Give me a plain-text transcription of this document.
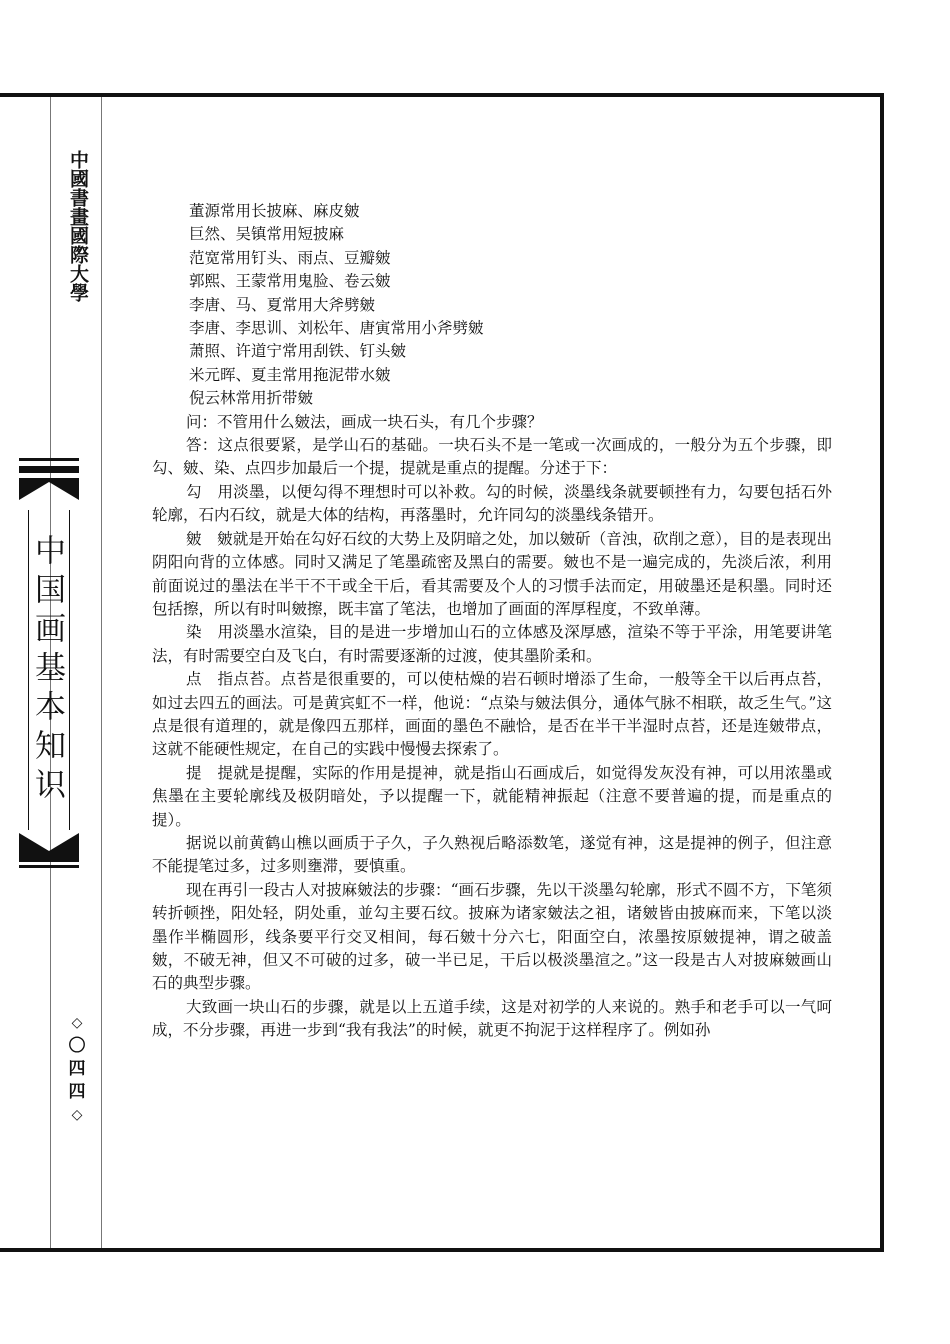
中國書畫國際大學
中国画基本知识
◇
〇
四
四
◇

董源常用长披麻、麻皮皴

巨然、吴镇常用短披麻

范宽常用钉头、雨点、豆瓣皴

郭熙、王蒙常用鬼脸、卷云皴

李唐、马、夏常用大斧劈皴

李唐、李思训、刘松年、唐寅常用小斧劈皴

萧照、许道宁常用刮铁、钉头皴

米元晖、夏圭常用拖泥带水皴

倪云林常用折带皴

问：不管用什么皴法，画成一块石头，有几个步骤？

答：这点很要紧，是学山石的基础。一块石头不是一笔或一次画成的，一般分为五个步骤，即勾、皴、染、点四步加最后一个提，提就是重点的提醒。分述于下：

勾　用淡墨，以便勾得不理想时可以补救。勾的时候，淡墨线条就要顿挫有力，勾要包括石外轮廓，石内石纹，就是大体的结构，再落墨时，允许同勾的淡墨线条错开。

皴　皴就是开始在勾好石纹的大势上及阴暗之处，加以皴斫（音浊，砍削之意），目的是表现出阴阳向背的立体感。同时又满足了笔墨疏密及黑白的需要。皴也不是一遍完成的，先淡后浓，利用前面说过的墨法在半干不干或全干后，看其需要及个人的习惯手法而定，用破墨还是积墨。同时还包括擦，所以有时叫皴擦，既丰富了笔法，也增加了画面的浑厚程度，不致单薄。

染　用淡墨水渲染，目的是进一步增加山石的立体感及深厚感，渲染不等于平涂，用笔要讲笔法，有时需要空白及飞白，有时需要逐渐的过渡，使其墨阶柔和。

点　指点苔。点苔是很重要的，可以使枯燥的岩石顿时增添了生命，一般等全干以后再点苔，如过去四五的画法。可是黄宾虹不一样，他说：“点染与皴法俱分，通体气脉不相联，故乏生气。”这点是很有道理的，就是像四五那样，画面的墨色不融恰，是否在半干半湿时点苔，还是连皴带点，这就不能硬性规定，在自己的实践中慢慢去探索了。

提　提就是提醒，实际的作用是提神，就是指山石画成后，如觉得发灰没有神，可以用浓墨或焦墨在主要轮廓线及极阴暗处，予以提醒一下，就能精神振起（注意不要普遍的提，而是重点的提）。

据说以前黄鹤山樵以画质于子久，子久熟视后略添数笔，遂觉有神，这是提神的例子，但注意不能提笔过多，过多则壅滞，要慎重。

现在再引一段古人对披麻皴法的步骤：“画石步骤，先以干淡墨勾轮廓，形式不圆不方，下笔须转折顿挫，阳处轻，阴处重，並勾主要石纹。披麻为诸家皴法之祖，诸皴皆由披麻而来，下笔以淡墨作半椭圆形，线条要平行交叉相间，每石皴十分六七，阳面空白，浓墨按原皴提神，谓之破盖皴，不破无神，但又不可破的过多，破一半已足，干后以极淡墨渲之。”这一段是古人对披麻皴画山石的典型步骤。

大致画一块山石的步骤，就是以上五道手续，这是对初学的人来说的。熟手和老手可以一气呵成，不分步骤，再进一步到“我有我法”的时候，就更不拘泥于这样程序了。例如孙
